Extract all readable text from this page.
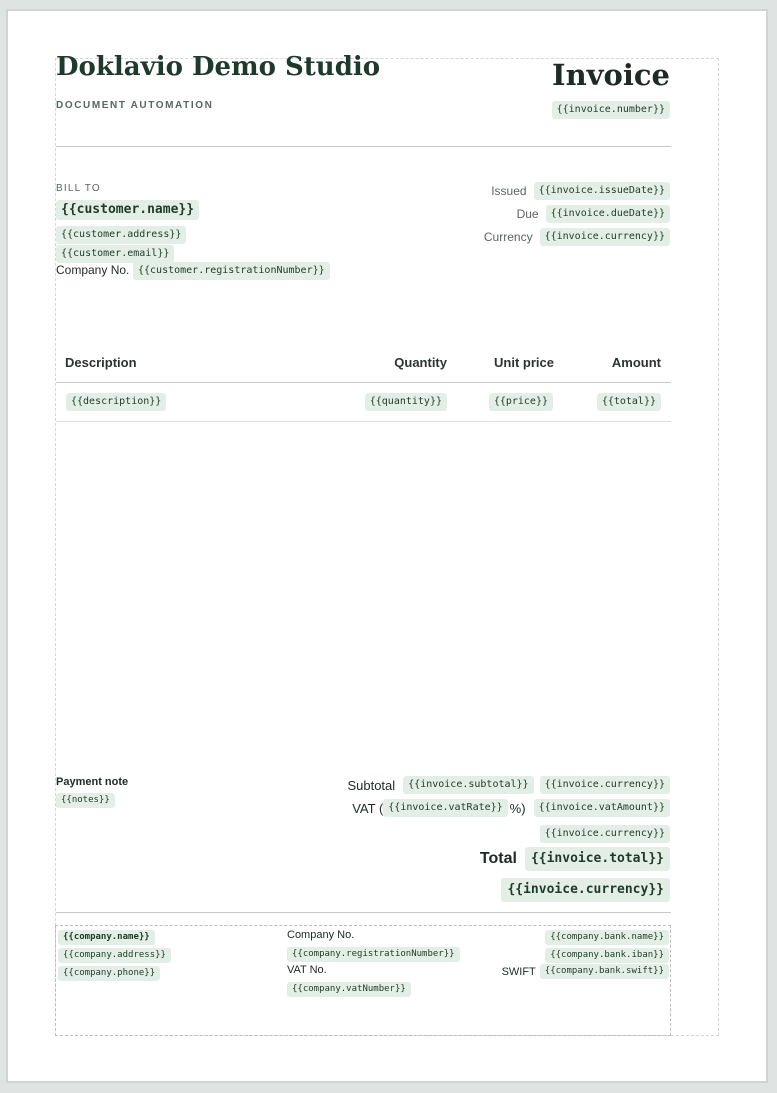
Doklavio Demo Studio
DOCUMENT AUTOMATION
Invoice
{{invoice.number}}
BILL TO
{{customer.name}}
{{customer.address}}
{{customer.email}}
Company No. {{customer.registrationNumber}}
Issued	{{invoice.issueDate}}
Due	{{invoice.dueDate}}
Currency	{{invoice.currency}}
Description	Quantity	Unit price	Amount
{{description}}	{{quantity}}	{{price}}	{{total}}
Payment note
{{notes}}
Subtotal	{{invoice.subtotal}}	{{invoice.currency}}
VAT ( {{invoice.vatRate}} %)	{{invoice.vatAmount}}
{{invoice.currency}}
Total	{{invoice.total}}
{{invoice.currency}}
{{company.name}}
{{company.address}}
{{company.phone}}
Company No.
{{company.registrationNumber}}
VAT No.
{{company.vatNumber}}
{{company.bank.name}}
{{company.bank.iban}}
SWIFT	{{company.bank.swift}}
